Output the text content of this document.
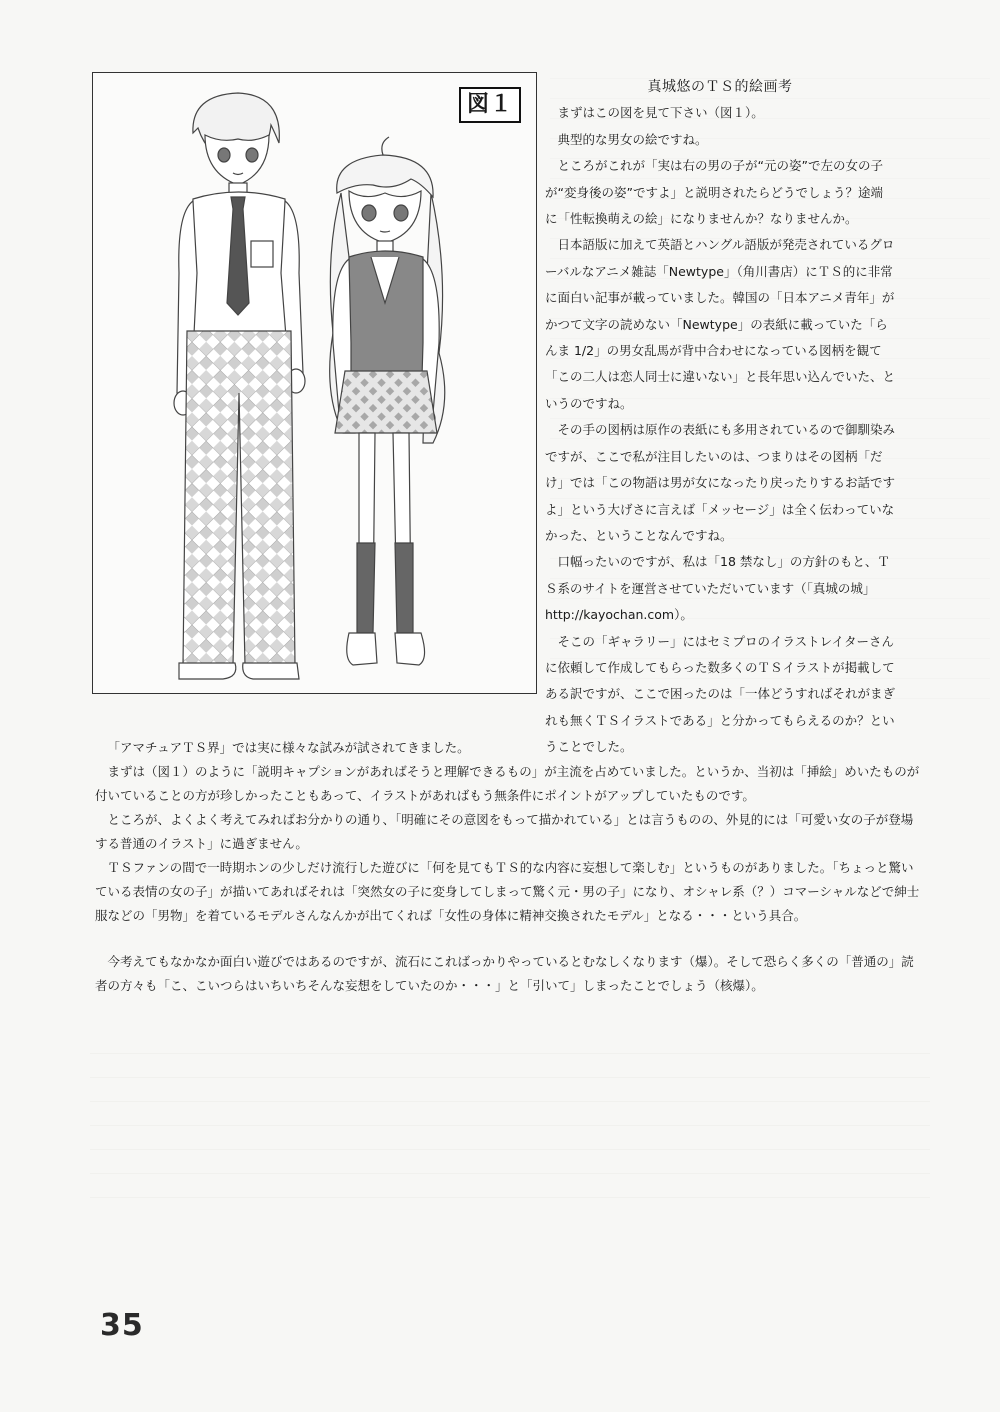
図１
真城悠のＴＳ的絵画考

まずはこの図を見て下さい（図１）。

典型的な男女の絵ですね。

ところがこれが「実は右の男の子が“元の姿”で左の女の子が“変身後の姿”ですよ」と説明されたらどうでしょう？途端に「性転換萌えの絵」になりませんか？なりませんか。

日本語版に加えて英語とハングル語版が発売されているグローバルなアニメ雑誌「Newtype」（角川書店）にＴＳ的に非常に面白い記事が載っていました。韓国の「日本アニメ青年」がかつて文字の読めない「Newtype」の表紙に載っていた「らんま 1/2」の男女乱馬が背中合わせになっている図柄を観て「この二人は恋人同士に違いない」と長年思い込んでいた、というのですね。

その手の図柄は原作の表紙にも多用されているので御馴染みですが、ここで私が注目したいのは、つまりはその図柄「だけ」では「この物語は男が女になったり戻ったりするお話ですよ」という大げさに言えば「メッセージ」は全く伝わっていなかった、ということなんですね。

口幅ったいのですが、私は「18 禁なし」の方針のもと、ＴＳ系のサイトを運営させていただいています（「真城の城」http://kayochan.com）。

そこの「ギャラリー」にはセミプロのイラストレイターさんに依頼して作成してもらった数多くのＴＳイラストが掲載してある訳ですが、ここで困ったのは「一体どうすればそれがまぎれも無くＴＳイラストである」と分かってもらえるのか？ということでした。

「アマチュアＴＳ界」では実に様々な試みが試されてきました。

まずは（図１）のように「説明キャプションがあればそうと理解できるもの」が主流を占めていました。というか、当初は「挿絵」めいたものが付いていることの方が珍しかったこともあって、イラストがあればもう無条件にポイントがアップしていたものです。

ところが、よくよく考えてみればお分かりの通り、「明確にその意図をもって描かれている」とは言うものの、外見的には「可愛い女の子が登場する普通のイラスト」に過ぎません。

ＴＳファンの間で一時期ホンの少しだけ流行した遊びに「何を見てもＴＳ的な内容に妄想して楽しむ」というものがありました。「ちょっと驚いている表情の女の子」が描いてあればそれは「突然女の子に変身してしまって驚く元・男の子」になり、オシャレ系（？）コマーシャルなどで紳士服などの「男物」を着ているモデルさんなんかが出てくれば「女性の身体に精神交換されたモデル」となる・・・という具合。

今考えてもなかなか面白い遊びではあるのですが、流石にこればっかりやっているとむなしくなります（爆）。そして恐らく多くの「普通の」読者の方々も「こ、こいつらはいちいちそんな妄想をしていたのか・・・」と「引いて」しまったことでしょう（核爆）。

35
